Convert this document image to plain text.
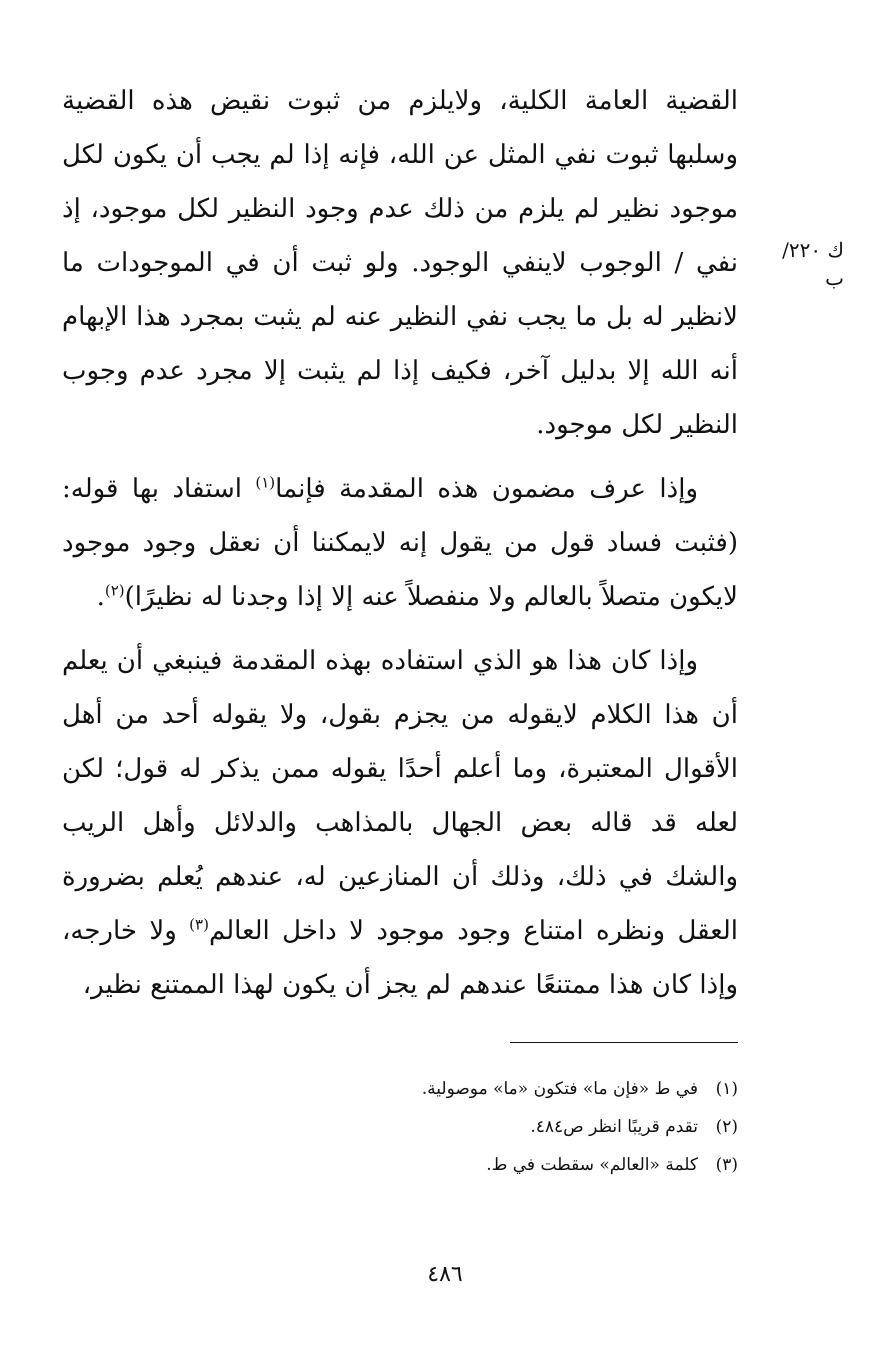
ك ٢٢٠/ب

القضية العامة الكلية، ولايلزم من ثبوت نقيض هذه القضية وسلبها ثبوت نفي المثل عن الله، فإنه إذا لم يجب أن يكون لكل موجود نظير لم يلزم من ذلك عدم وجود النظير لكل موجود، إذ نفي / الوجوب لاينفي الوجود. ولو ثبت أن في الموجودات ما لانظير له بل ما يجب نفي النظير عنه لم يثبت بمجرد هذا الإبهام أنه الله إلا بدليل آخر، فكيف إذا لم يثبت إلا مجرد عدم وجوب النظير لكل موجود.

وإذا عرف مضمون هذه المقدمة فإنما$^{(١)}$ استفاد بها قوله: (فثبت فساد قول من يقول إنه لايمكننا أن نعقل وجود موجود لايكون متصلاً بالعالم ولا منفصلاً عنه إلا إذا وجدنا له نظيرًا)$^{(٢)}$.

وإذا كان هذا هو الذي استفاده بهذه المقدمة فينبغي أن يعلم أن هذا الكلام لايقوله من يجزم بقول، ولا يقوله أحد من أهل الأقوال المعتبرة، وما أعلم أحدًا يقوله ممن يذكر له قول؛ لكن لعله قد قاله بعض الجهال بالمذاهب والدلائل وأهل الريب والشك في ذلك، وذلك أن المنازعين له، عندهم يُعلم بضرورة العقل ونظره امتناع وجود موجود لا داخل العالم$^{(٣)}$ ولا خارجه، وإذا كان هذا ممتنعًا عندهم لم يجز أن يكون لهذا الممتنع نظير،

(١)
في ط «فإن ما» فتكون «ما» موصولية.
(٢)
تقدم قريبًا انظر ص٤٨٤.
(٣)
كلمة «العالم» سقطت في ط.
٤٨٦
